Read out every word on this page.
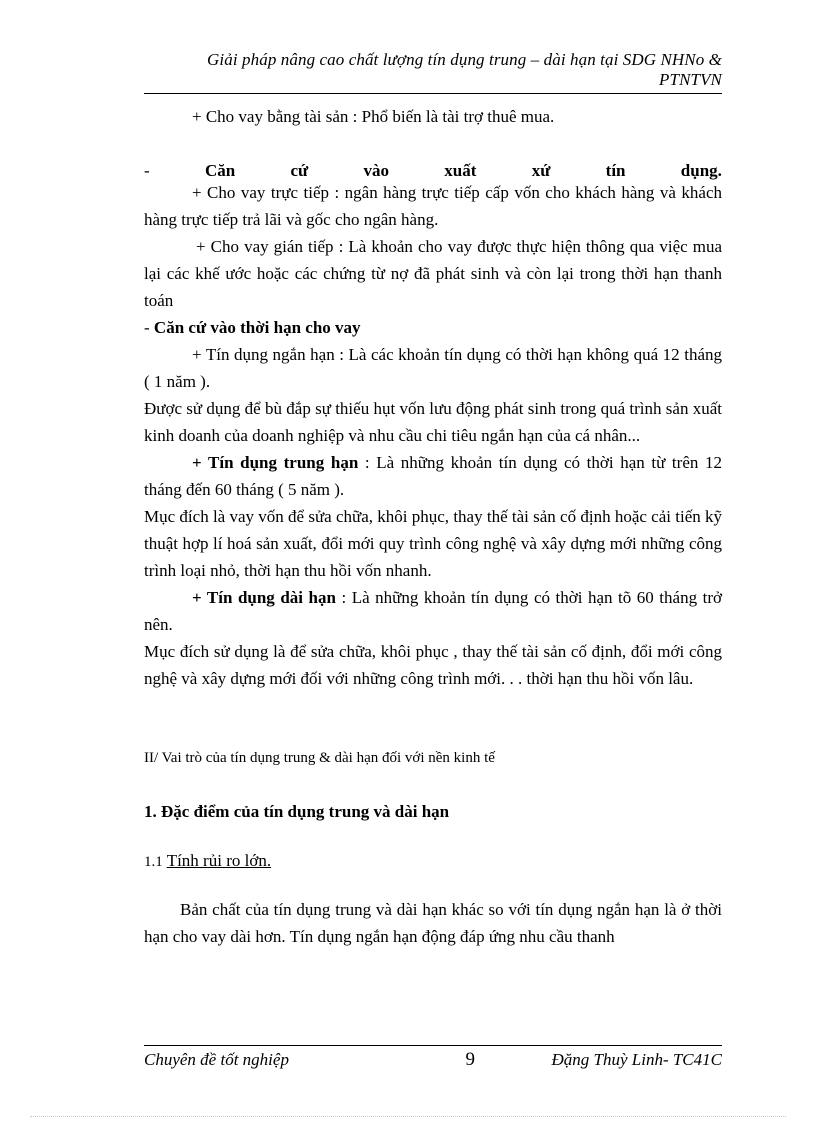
Giải pháp nâng cao chất lượng tín dụng trung – dài hạn tại SDG NHNo & PTNTVN

+ Cho vay bằng tài sản : Phổ biến là tài trợ thuê mua.

-	Căn	cứ	vào	xuất	xứ	tín	dụng.

+ Cho vay trực tiếp : ngân hàng trực tiếp cấp vốn cho khách hàng và khách hàng trực tiếp trả lãi và gốc cho ngân hàng.

+ Cho vay gián tiếp : Là khoản cho vay được thực hiện thông qua việc mua lại các khế ước hoặc các chứng từ nợ đã phát sinh và còn lại trong thời hạn thanh toán

- Căn cứ vào thời hạn cho vay

+ Tín dụng ngắn hạn : Là các khoản tín dụng có thời hạn không quá 12 tháng ( 1 năm ).

Được sử dụng để bù đắp sự thiếu hụt vốn lưu động phát sinh trong quá trình sản xuất kinh doanh của doanh nghiệp và nhu cầu chi tiêu ngắn hạn của cá nhân...

+ Tín dụng trung hạn : Là những khoản tín dụng có thời hạn từ trên 12 tháng đến 60 tháng ( 5 năm ).

Mục đích là vay vốn để sửa chữa, khôi phục, thay thế tài sản cố định hoặc cải tiến kỹ thuật hợp lí hoá sản xuất, đổi mới quy trình công nghệ và xây dựng mới những công trình loại nhỏ, thời hạn thu hồi vốn nhanh.

+ Tín dụng dài hạn : Là những khoản tín dụng có thời hạn tõ 60 tháng trở nên.

Mục đích sử dụng là để sửa chữa, khôi phục , thay thế tài sản cố định, đổi mới công nghệ và xây dựng mới đối với những công trình mới. . . thời hạn thu hồi vốn lâu.

II/ Vai trò của tín dụng trung & dài hạn đối với nền kinh tế

1. Đặc điểm của tín dụng trung và dài hạn

1.1 Tính rủi ro lớn.

Bản chất của tín dụng trung và dài hạn khác so với tín dụng ngắn hạn là ở thời hạn cho vay dài hơn. Tín dụng ngắn hạn động đáp ứng nhu cầu thanh

Chuyên đề tốt nghiệp	9	Đặng Thuỳ Linh- TC41C
